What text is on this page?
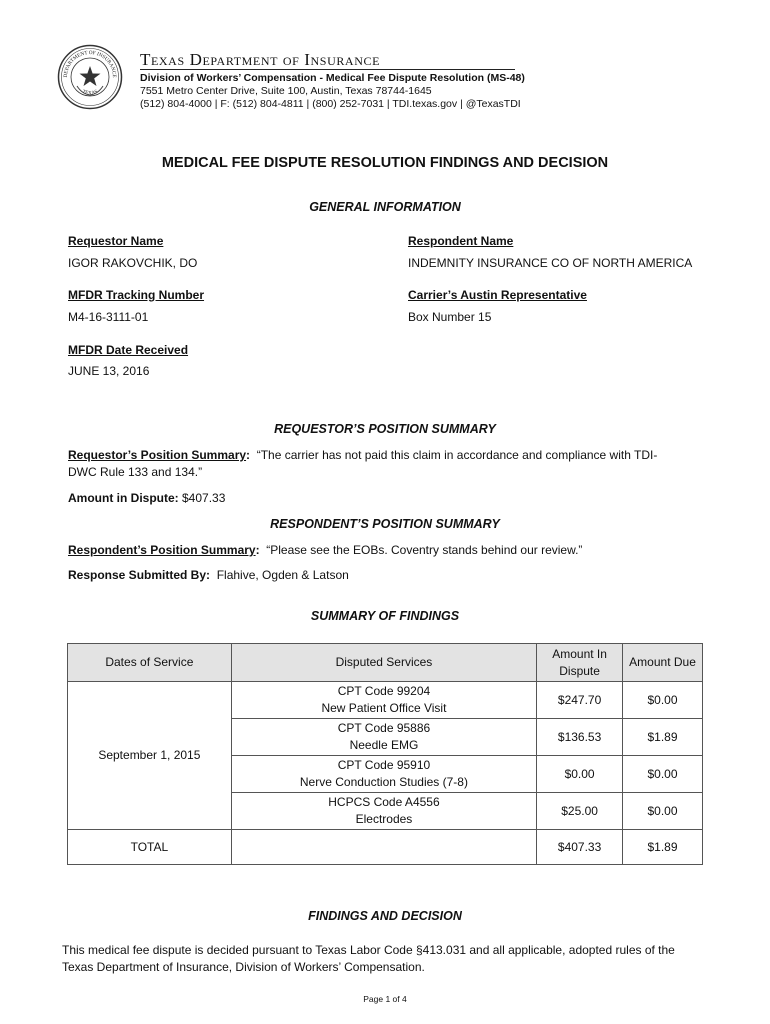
DEPARTMENT OF INSURANCE
TEXAS
Texas Department of Insurance
Division of Workers’ Compensation - Medical Fee Dispute Resolution (MS-48)
7551 Metro Center Drive, Suite 100, Austin, Texas 78744-1645
(512) 804-4000 | F: (512) 804-4811 | (800) 252-7031 | TDI.texas.gov | @TexasTDI
MEDICAL FEE DISPUTE RESOLUTION FINDINGS AND DECISION
GENERAL INFORMATION
Requestor Name
IGOR RAKOVCHIK, DO
Respondent Name
INDEMNITY INSURANCE CO OF NORTH AMERICA
MFDR Tracking Number
M4-16-3111-01
Carrier’s Austin Representative
Box Number 15
MFDR Date Received
JUNE 13, 2016
REQUESTOR’S POSITION SUMMARY
Requestor’s Position Summary: “The carrier has not paid this claim in accordance and compliance with TDI-
DWC Rule 133 and 134.”
Amount in Dispute: $407.33
RESPONDENT’S POSITION SUMMARY
Respondent’s Position Summary: “Please see the EOBs. Coventry stands behind our review.”
Response Submitted By: Flahive, Ogden & Latson
SUMMARY OF FINDINGS
Dates of Service	Disputed Services	Amount In Dispute	Amount Due
September 1, 2015	CPT Code 99204
New Patient Office Visit	$247.70	$0.00
	CPT Code 95886
Needle EMG	$136.53	$1.89
	CPT Code 95910
Nerve Conduction Studies (7-8)	$0.00	$0.00
	HCPCS Code A4556
Electrodes	$25.00	$0.00
TOTAL		$407.33	$1.89
FINDINGS AND DECISION
This medical fee dispute is decided pursuant to Texas Labor Code §413.031 and all applicable, adopted rules of the
Texas Department of Insurance, Division of Workers’ Compensation.
Page 1 of 4
